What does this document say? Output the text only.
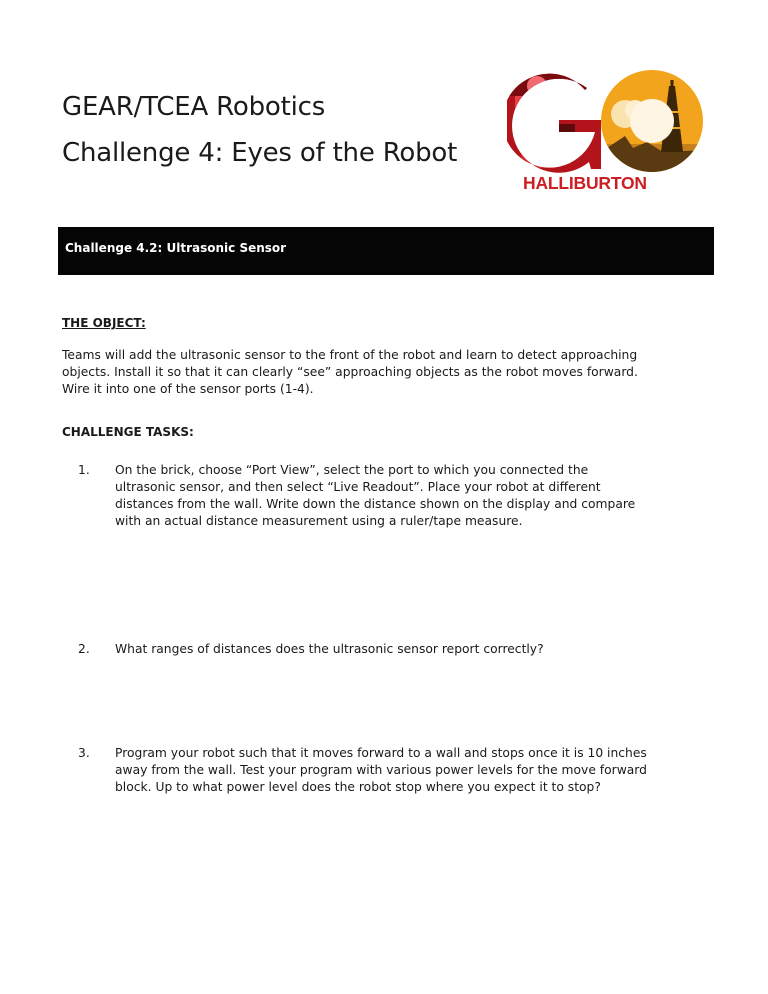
GEAR/TCEA Robotics
Challenge 4: Eyes of the Robot
HALLIBURTON
Challenge 4.2: Ultrasonic Sensor
THE OBJECT:
Teams will add the ultrasonic sensor to the front of the robot and learn to detect approaching
objects. Install it so that it can clearly “see” approaching objects as the robot moves forward.
Wire it into one of the sensor ports (1-4).
CHALLENGE TASKS:
1. On the brick, choose “Port View”, select the port to which you connected the
ultrasonic sensor, and then select “Live Readout”. Place your robot at different
distances from the wall. Write down the distance shown on the display and compare
with an actual distance measurement using a ruler/tape measure.
2. What ranges of distances does the ultrasonic sensor report correctly?
3. Program your robot such that it moves forward to a wall and stops once it is 10 inches
away from the wall. Test your program with various power levels for the move forward
block. Up to what power level does the robot stop where you expect it to stop?
